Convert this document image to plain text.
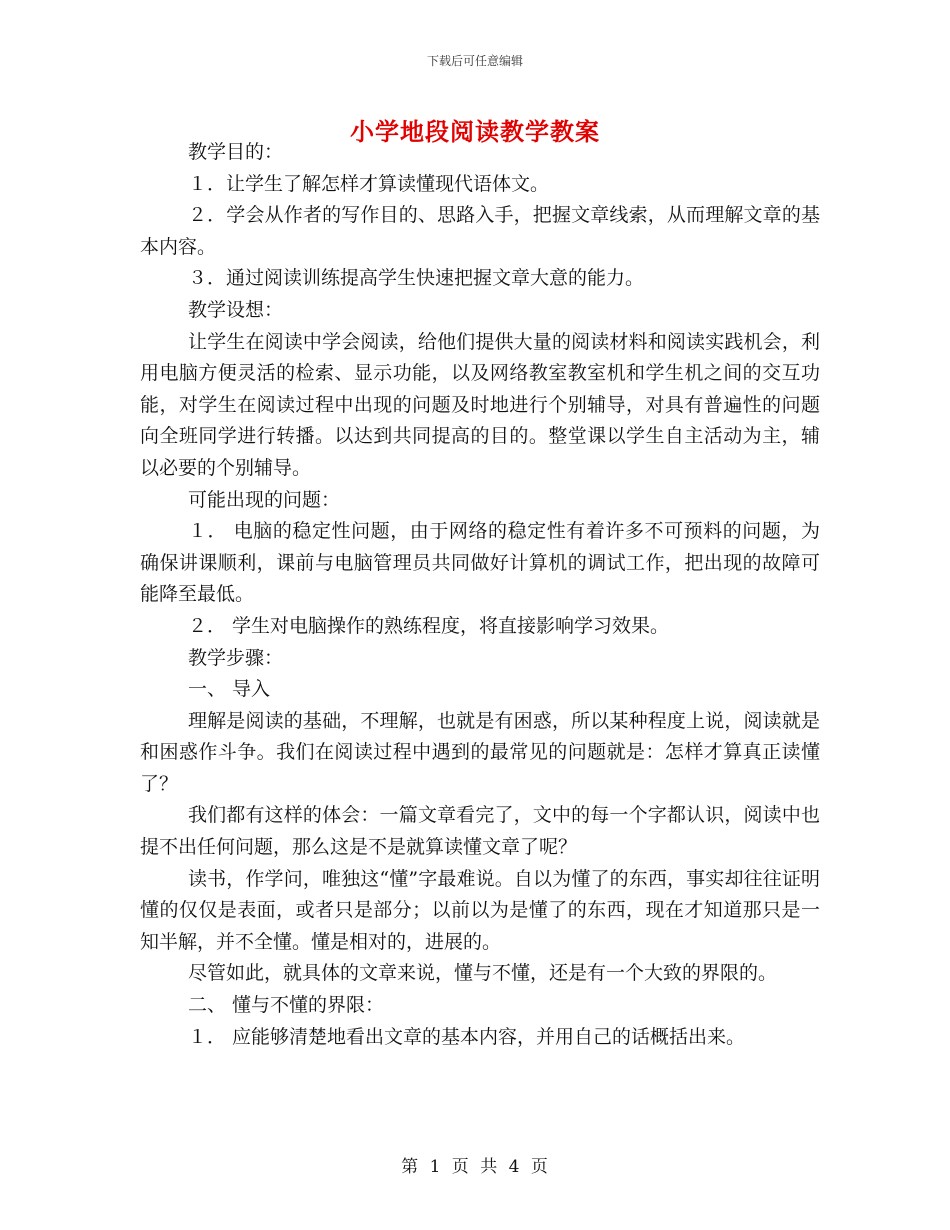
下载后可任意编辑
小学地段阅读教学教案

教学目的：

１．让学生了解怎样才算读懂现代语体文。

２．学会从作者的写作目的、思路入手，把握文章线索，从而理解文章的基本内容。

３．通过阅读训练提高学生快速把握文章大意的能力。

教学设想：

让学生在阅读中学会阅读，给他们提供大量的阅读材料和阅读实践机会，利用电脑方便灵活的检索、显示功能，以及网络教室教室机和学生机之间的交互功能，对学生在阅读过程中出现的问题及时地进行个别辅导，对具有普遍性的问题向全班同学进行转播。以达到共同提高的目的。整堂课以学生自主活动为主，辅以必要的个别辅导。

可能出现的问题：

１． 电脑的稳定性问题，由于网络的稳定性有着许多不可预料的问题，为确保讲课顺利，课前与电脑管理员共同做好计算机的调试工作，把出现的故障可能降至最低。

２． 学生对电脑操作的熟练程度，将直接影响学习效果。

教学步骤：

一、 导入

理解是阅读的基础，不理解，也就是有困惑，所以某种程度上说，阅读就是和困惑作斗争。我们在阅读过程中遇到的最常见的问题就是：怎样才算真正读懂了？

我们都有这样的体会：一篇文章看完了，文中的每一个字都认识，阅读中也提不出任何问题，那么这是不是就算读懂文章了呢？

读书，作学问，唯独这“懂”字最难说。自以为懂了的东西，事实却往往证明懂的仅仅是表面，或者只是部分；以前以为是懂了的东西，现在才知道那只是一知半解，并不全懂。懂是相对的，进展的。

尽管如此，就具体的文章来说，懂与不懂，还是有一个大致的界限的。

二、 懂与不懂的界限：

１． 应能够清楚地看出文章的基本内容，并用自己的话概括出来。

第 1 页 共 4 页
